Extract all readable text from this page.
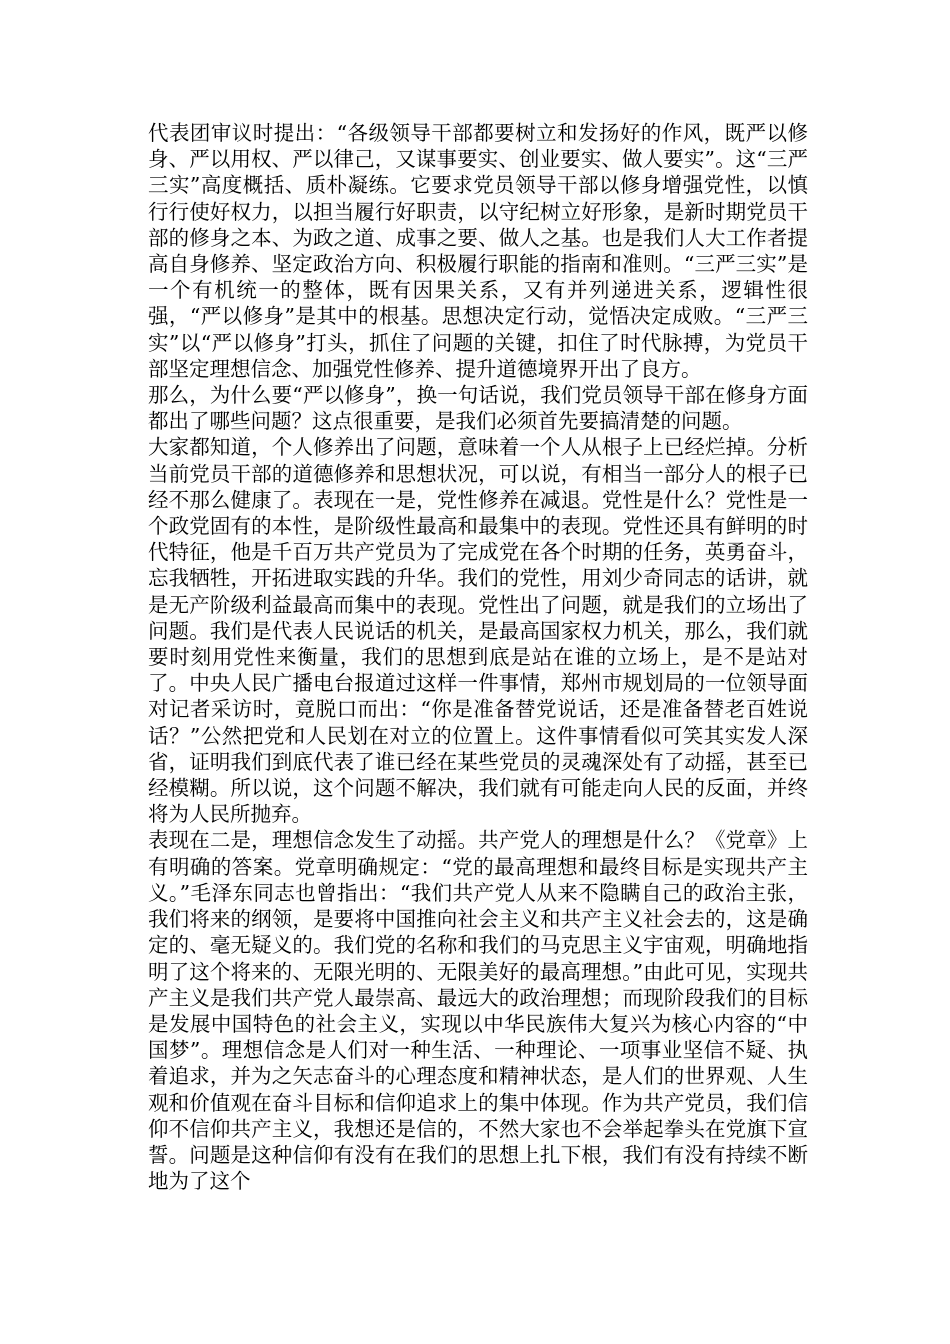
代表团审议时提出：“各级领导干部都要树立和发扬好的作风，既严以修身、严以用权、严以律己，又谋事要实、创业要实、做人要实”。这“三严三实”高度概括、质朴凝练。它要求党员领导干部以修身增强党性，以慎行行使好权力，以担当履行好职责，以守纪树立好形象，是新时期党员干部的修身之本、为政之道、成事之要、做人之基。也是我们人大工作者提高自身修养、坚定政治方向、积极履行职能的指南和准则。“三严三实”是一个有机统一的整体，既有因果关系，又有并列递进关系，逻辑性很强，“严以修身”是其中的根基。思想决定行动，觉悟决定成败。“三严三实”以“严以修身”打头，抓住了问题的关键，扣住了时代脉搏，为党员干部坚定理想信念、加强党性修养、提升道德境界开出了良方。

那么，为什么要“严以修身”，换一句话说，我们党员领导干部在修身方面都出了哪些问题？这点很重要，是我们必须首先要搞清楚的问题。

大家都知道，个人修养出了问题，意味着一个人从根子上已经烂掉。分析当前党员干部的道德修养和思想状况，可以说，有相当一部分人的根子已经不那么健康了。表现在一是，党性修养在减退。党性是什么？党性是一个政党固有的本性，是阶级性最高和最集中的表现。党性还具有鲜明的时代特征，他是千百万共产党员为了完成党在各个时期的任务，英勇奋斗，忘我牺牲，开拓进取实践的升华。我们的党性，用刘少奇同志的话讲，就是无产阶级利益最高而集中的表现。党性出了问题，就是我们的立场出了问题。我们是代表人民说话的机关，是最高国家权力机关，那么，我们就要时刻用党性来衡量，我们的思想到底是站在谁的立场上，是不是站对了。中央人民广播电台报道过这样一件事情，郑州市规划局的一位领导面对记者采访时，竟脱口而出：“你是准备替党说话，还是准备替老百姓说话？”公然把党和人民划在对立的位置上。这件事情看似可笑其实发人深省，证明我们到底代表了谁已经在某些党员的灵魂深处有了动摇，甚至已经模糊。所以说，这个问题不解决，我们就有可能走向人民的反面，并终将为人民所抛弃。

表现在二是，理想信念发生了动摇。共产党人的理想是什么？《党章》上有明确的答案。党章明确规定：“党的最高理想和最终目标是实现共产主义。”毛泽东同志也曾指出：“我们共产党人从来不隐瞒自己的政治主张，我们将来的纲领，是要将中国推向社会主义和共产主义社会去的，这是确定的、毫无疑义的。我们党的名称和我们的马克思主义宇宙观，明确地指明了这个将来的、无限光明的、无限美好的最高理想。”由此可见，实现共产主义是我们共产党人最崇高、最远大的政治理想；而现阶段我们的目标是发展中国特色的社会主义，实现以中华民族伟大复兴为核心内容的“中国梦”。理想信念是人们对一种生活、一种理论、一项事业坚信不疑、执着追求，并为之矢志奋斗的心理态度和精神状态，是人们的世界观、人生观和价值观在奋斗目标和信仰追求上的集中体现。作为共产党员，我们信仰不信仰共产主义，我想还是信的，不然大家也不会举起拳头在党旗下宣誓。问题是这种信仰有没有在我们的思想上扎下根，我们有没有持续不断地为了这个
